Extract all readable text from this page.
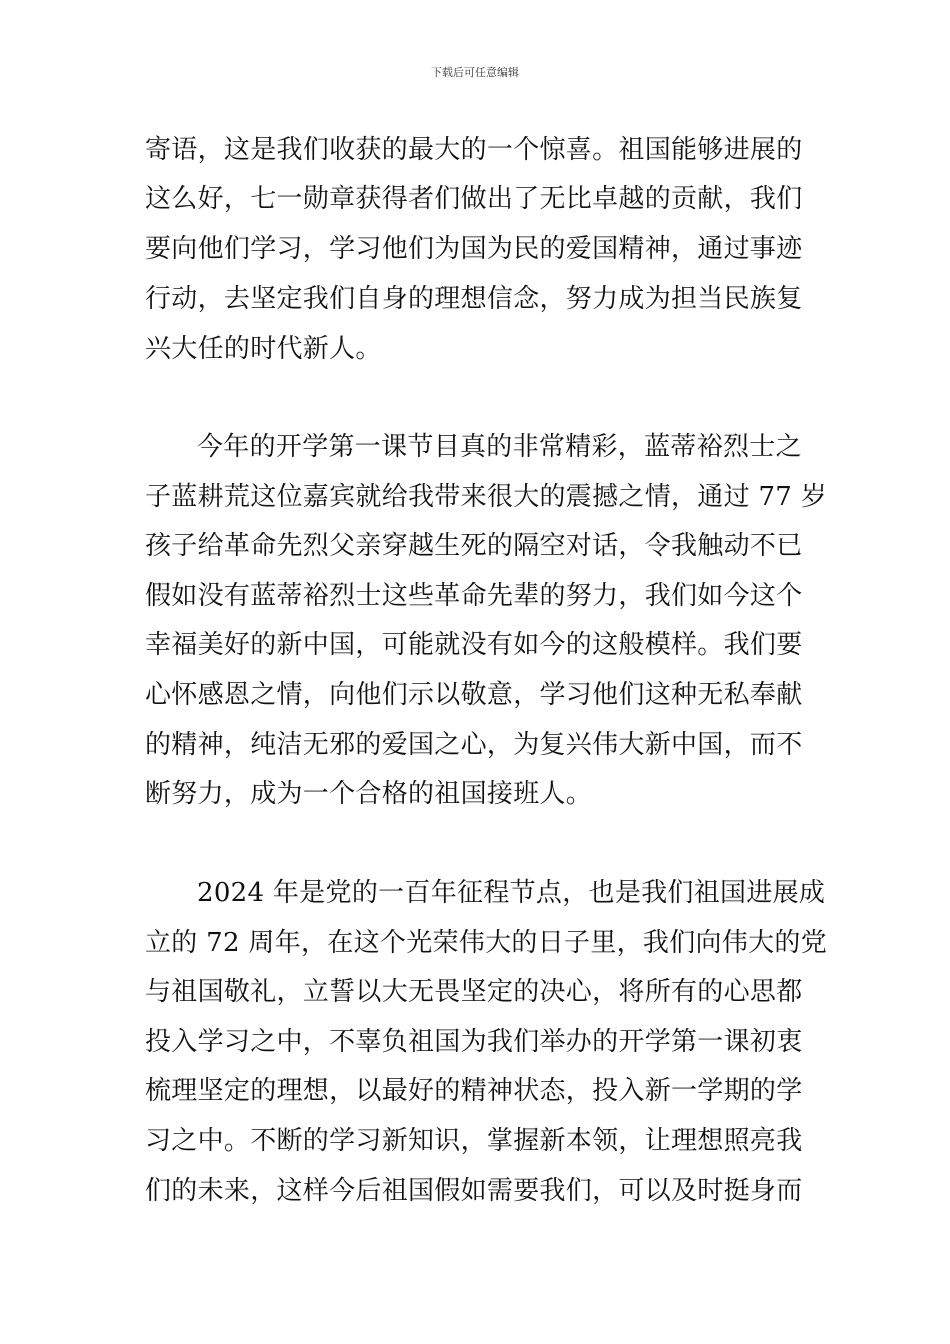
下载后可任意编辑

寄语，这是我们收获的最大的一个惊喜。祖国能够进展的

这么好，七一勋章获得者们做出了无比卓越的贡献，我们

要向他们学习，学习他们为国为民的爱国精神，通过事迹

行动，去坚定我们自身的理想信念，努力成为担当民族复

兴大任的时代新人。

今年的开学第一课节目真的非常精彩，蓝蒂裕烈士之

子蓝耕荒这位嘉宾就给我带来很大的震撼之情，通过 77 岁

孩子给革命先烈父亲穿越生死的隔空对话，令我触动不已

假如没有蓝蒂裕烈士这些革命先辈的努力，我们如今这个

幸福美好的新中国，可能就没有如今的这般模样。我们要

心怀感恩之情，向他们示以敬意，学习他们这种无私奉献

的精神，纯洁无邪的爱国之心，为复兴伟大新中国，而不

断努力，成为一个合格的祖国接班人。

2024 年是党的一百年征程节点，也是我们祖国进展成

立的 72 周年，在这个光荣伟大的日子里，我们向伟大的党

与祖国敬礼，立誓以大无畏坚定的决心，将所有的心思都

投入学习之中，不辜负祖国为我们举办的开学第一课初衷

梳理坚定的理想，以最好的精神状态，投入新一学期的学

习之中。不断的学习新知识，掌握新本领，让理想照亮我

们的未来，这样今后祖国假如需要我们，可以及时挺身而
